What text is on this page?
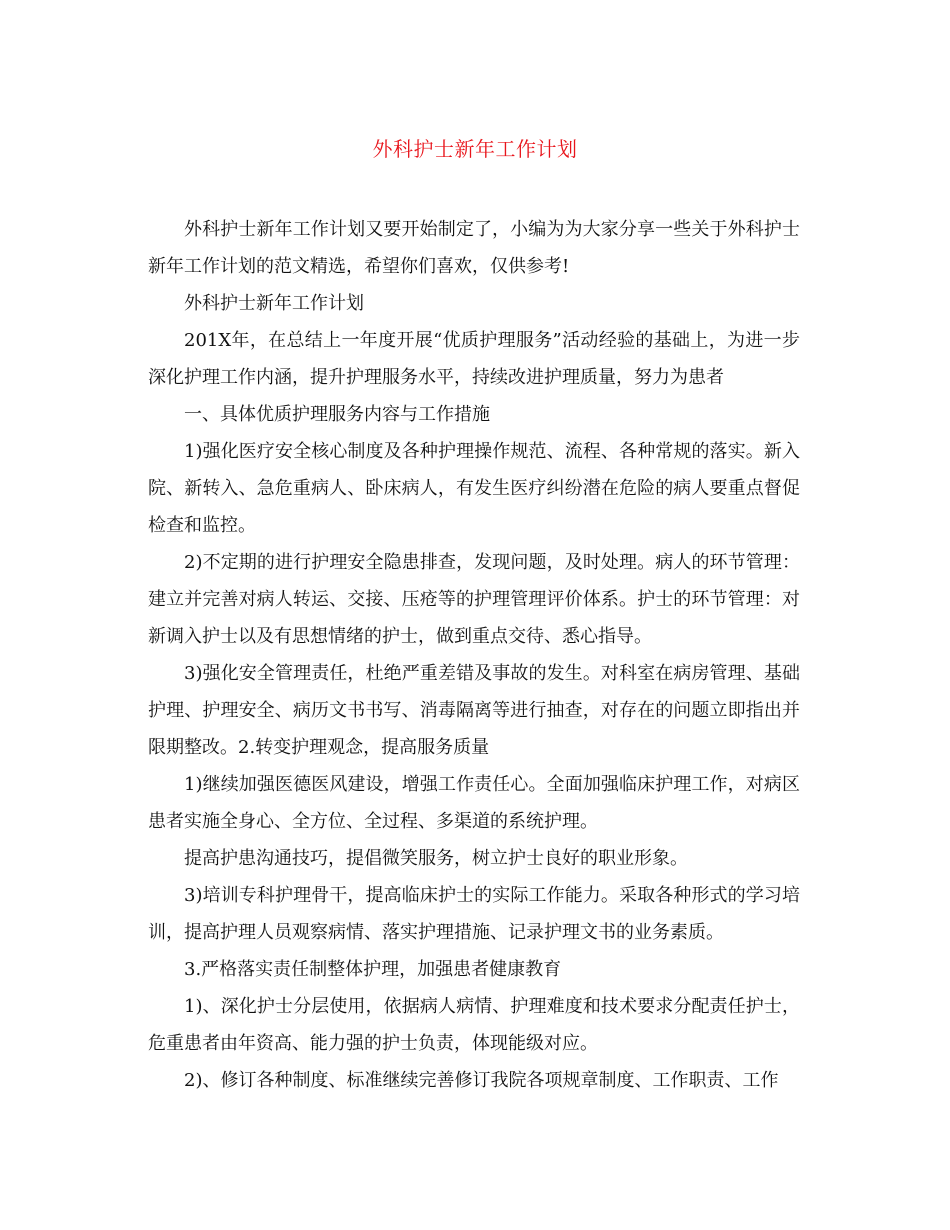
外科护士新年工作计划

外科护士新年工作计划又要开始制定了，小编为为大家分享一些关于外科护士新年工作计划的范文精选，希望你们喜欢，仅供参考!

外科护士新年工作计划

201X年，在总结上一年度开展“优质护理服务”活动经验的基础上，为进一步深化护理工作内涵，提升护理服务水平，持续改进护理质量，努力为患者

一、具体优质护理服务内容与工作措施

1)强化医疗安全核心制度及各种护理操作规范、流程、各种常规的落实。新入院、新转入、急危重病人、卧床病人，有发生医疗纠纷潜在危险的病人要重点督促检查和监控。

2)不定期的进行护理安全隐患排查，发现问题，及时处理。病人的环节管理：建立并完善对病人转运、交接、压疮等的护理管理评价体系。护士的环节管理：对新调入护士以及有思想情绪的护士，做到重点交待、悉心指导。

3)强化安全管理责任，杜绝严重差错及事故的发生。对科室在病房管理、基础护理、护理安全、病历文书书写、消毒隔离等进行抽查，对存在的问题立即指出并限期整改。2.转变护理观念，提高服务质量

1)继续加强医德医风建设，增强工作责任心。全面加强临床护理工作，对病区患者实施全身心、全方位、全过程、多渠道的系统护理。

提高护患沟通技巧，提倡微笑服务，树立护士良好的职业形象。

3)培训专科护理骨干，提高临床护士的实际工作能力。采取各种形式的学习培训，提高护理人员观察病情、落实护理措施、记录护理文书的业务素质。

3.严格落实责任制整体护理，加强患者健康教育

1)、深化护士分层使用，依据病人病情、护理难度和技术要求分配责任护士，危重患者由年资高、能力强的护士负责，体现能级对应。

2)、修订各种制度、标准继续完善修订我院各项规章制度、工作职责、工作
